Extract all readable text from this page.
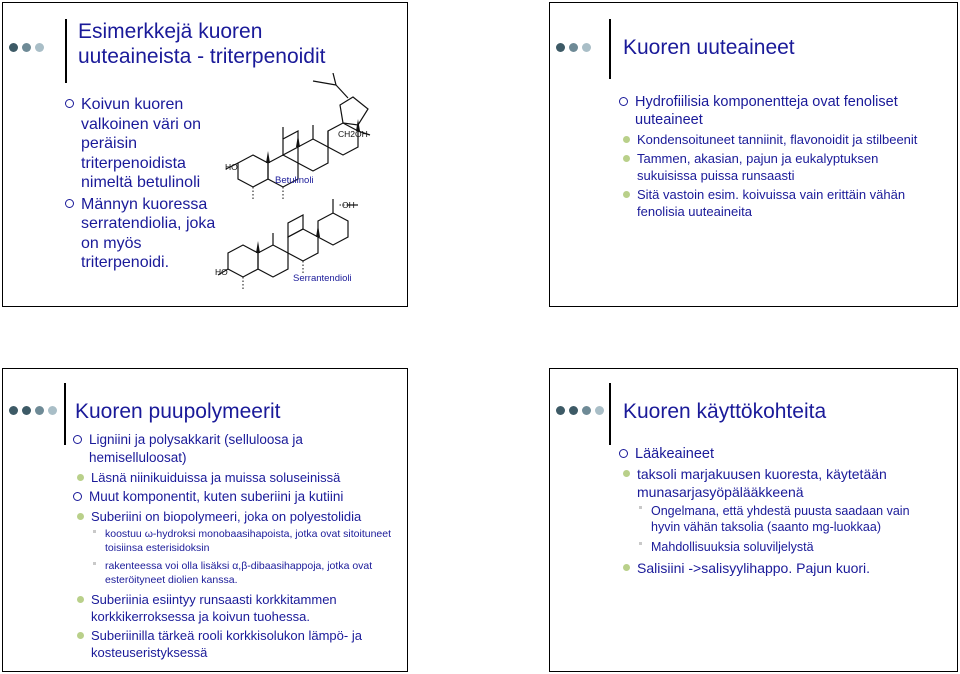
Esimerkkejä kuoren
uuteaineista - triterpenoidit
Koivun kuoren valkoinen väri on peräisin triterpenoidista nimeltä betulinoli
Männyn kuoressa serratendiolia, joka on myös triterpenoidi.
CH2OH
HO
Betulinoli
OH
HO
Serrantendioli
Kuoren uuteaineet
Hydrofiilisia komponentteja ovat fenoliset uuteaineet
Kondensoituneet tanniinit, flavonoidit ja stilbeenit
Tammen, akasian, pajun ja eukalyptuksen sukuisissa puissa runsaasti
Sitä vastoin esim. koivuissa vain erittäin vähän fenolisia uuteaineita
Kuoren puupolymeerit
Ligniini ja polysakkarit (selluloosa ja hemiselluloosat)
Läsnä niinikuiduissa ja muissa soluseinissä
Muut komponentit, kuten suberiini ja kutiini
Suberiini on biopolymeeri, joka on polyestolidia
koostuu ω-hydroksi monobaasihapoista, jotka ovat sitoituneet toisiinsa esterisidoksin
rakenteessa voi olla lisäksi α,β-dibaasihappoja, jotka ovat esteröityneet diolien kanssa.
Suberiinia esiintyy runsaasti korkkitammen korkkikerroksessa ja koivun tuohessa.
Suberiinilla tärkeä rooli korkkisolukon lämpö- ja kosteuseristyksessä
Kuoren käyttökohteita
Lääkeaineet
taksoli marjakuusen kuoresta, käytetään munasarjasyöpälääkkeenä
Ongelmana, että yhdestä puusta saadaan vain hyvin vähän taksolia (saanto mg-luokkaa)
Mahdollisuuksia soluviljelystä
Salisiini ->salisyylihappo. Pajun kuori.
